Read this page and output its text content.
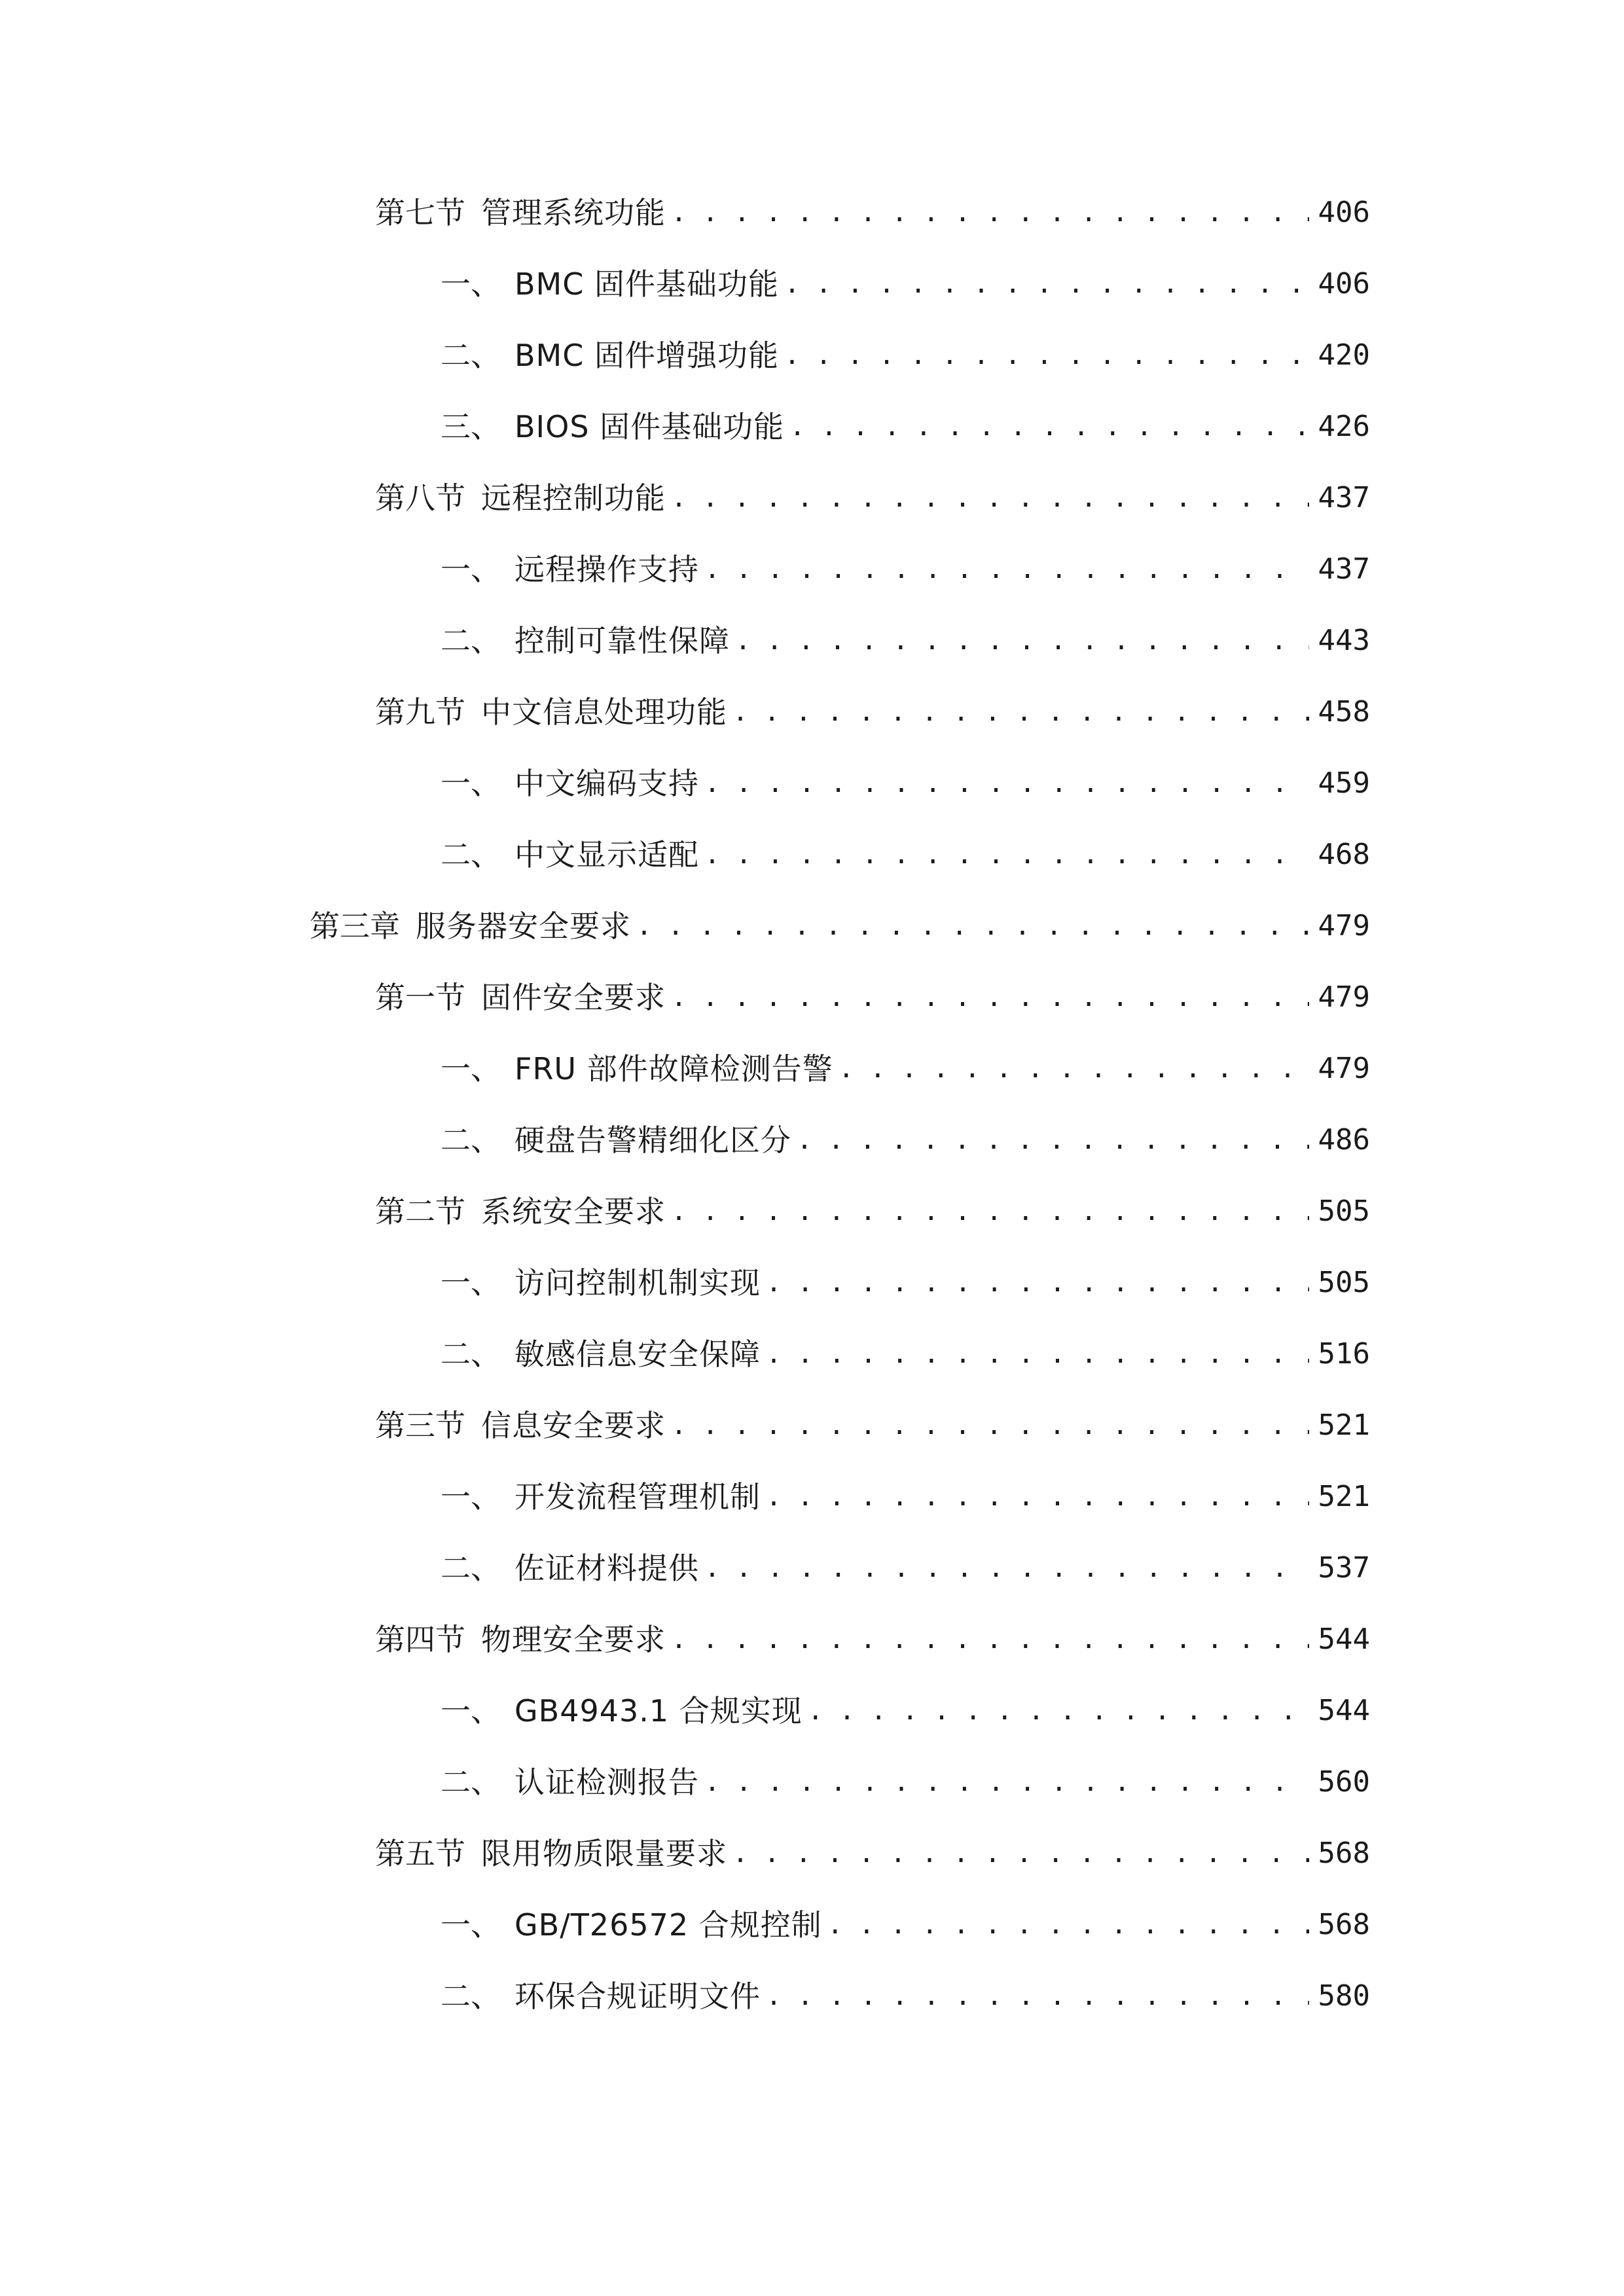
第七节 管理系统功能 . . .	406
一、 BMC 固件基础功能 . . .	406
二、 BMC 固件增强功能 . . .	420
三、 BIOS 固件基础功能 . . .	426
第八节 远程控制功能 . . .	437
一、 远程操作支持 . . .	437
二、 控制可靠性保障 . . .	443
第九节 中文信息处理功能 . . .	458
一、 中文编码支持 . . .	459
二、 中文显示适配 . . .	468
第三章 服务器安全要求 . . .	479
第一节 固件安全要求 . . .	479
一、 FRU 部件故障检测告警 . . .	479
二、 硬盘告警精细化区分 . . .	486
第二节 系统安全要求 . . .	505
一、 访问控制机制实现 . . .	505
二、 敏感信息安全保障 . . .	516
第三节 信息安全要求 . . .	521
一、 开发流程管理机制 . . .	521
二、 佐证材料提供 . . .	537
第四节 物理安全要求 . . .	544
一、 GB4943.1 合规实现 . . .	544
二、 认证检测报告 . . .	560
第五节 限用物质限量要求 . . .	568
一、 GB/T26572 合规控制 . . .	568
二、 环保合规证明文件 . . .	580
